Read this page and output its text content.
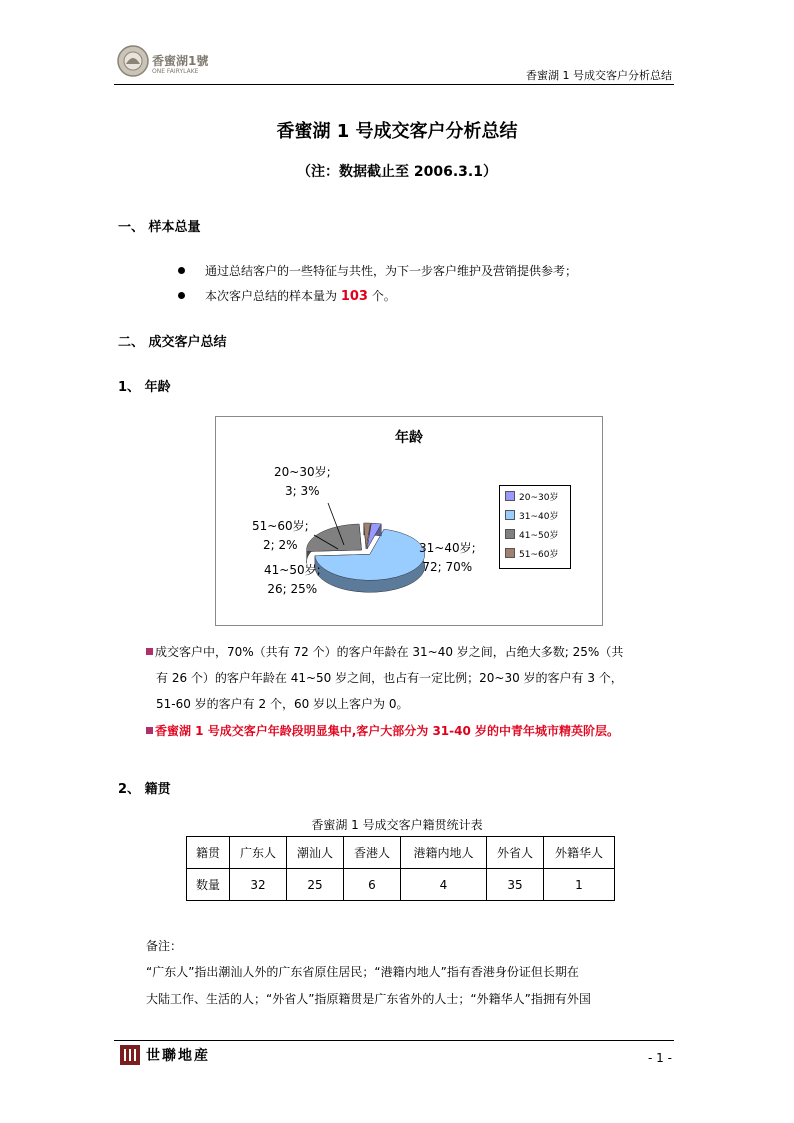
香蜜湖1號
ONE FAIRYLAKE	香蜜湖 1 号成交客户分析总结
香蜜湖 1 号成交客户分析总结
（注：数据截止至 2006.3.1）
一、 样本总量
通过总结客户的一些特征与共性，为下一步客户维护及营销提供参考；
本次客户总结的样本量为 103 个。
二、 成交客户总结
1、 年龄
年龄
20~30岁;
3; 3%
51~60岁;
2; 2%
41~50岁;
26; 25%
31~40岁;
72; 70%
20~30岁
31~40岁
41~50岁
51~60岁
成交客户中，70%（共有 72 个）的客户年龄在 31~40 岁之间，占绝大多数; 25%（共
有 26 个）的客户年龄在 41~50 岁之间，也占有一定比例；20~30 岁的客户有 3 个，
51-60 岁的客户有 2 个，60 岁以上客户为 0。
香蜜湖 1 号成交客户年龄段明显集中,客户大部分为 31-40 岁的中青年城市精英阶层。
2、 籍贯
香蜜湖 1 号成交客户籍贯统计表
籍贯	广东人	潮汕人	香港人	港籍内地人	外省人	外籍华人
数量	32	25	6	4	35	1
备注：
“广东人”指出潮汕人外的广东省原住居民；“港籍内地人”指有香港身份证但长期在
大陆工作、生活的人；“外省人”指原籍贯是广东省外的人士；“外籍华人”指拥有外国
世聯地産	- 1 -
